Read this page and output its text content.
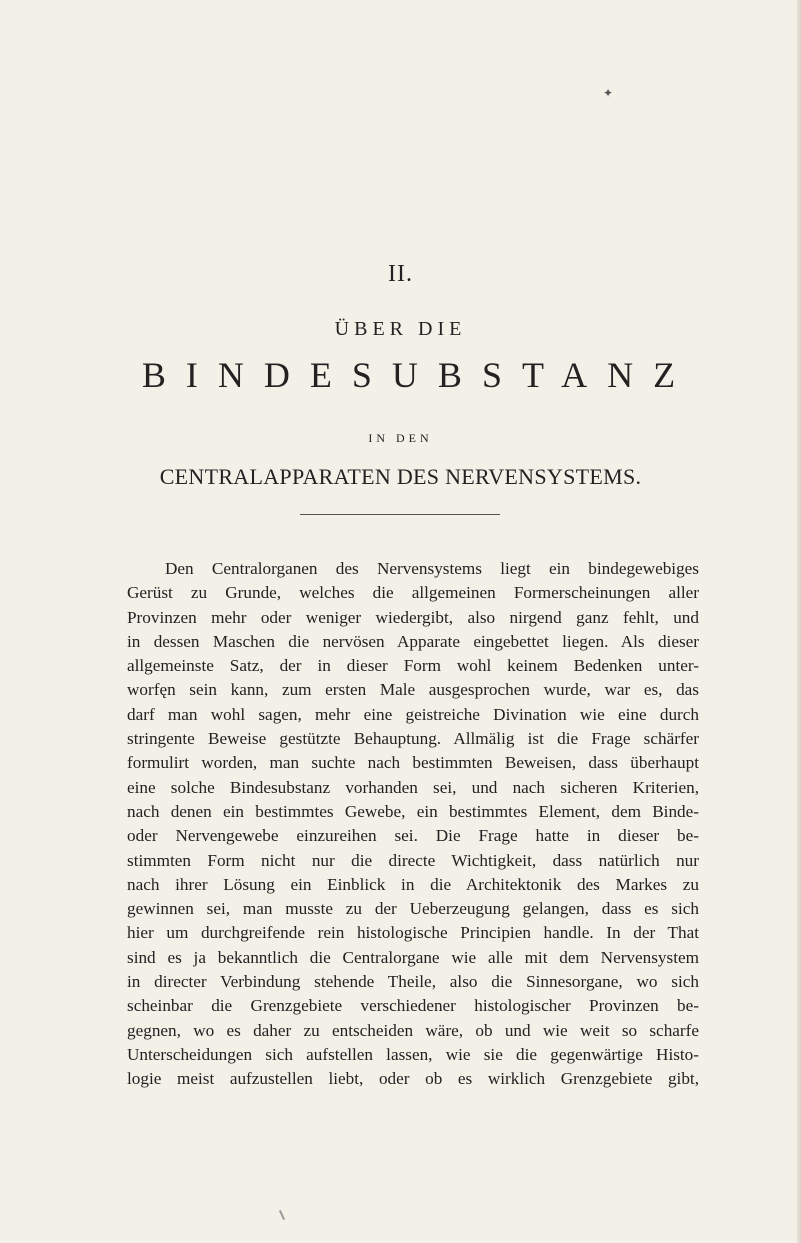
✦
II.
ÜBER DIE
BINDESUBSTANZ
IN DEN
CENTRALAPPARATEN DES NERVENSYSTEMS.
Den Centralorganen des Nervensystems liegt ein bindegewebiges
Gerüst zu Grunde, welches die allgemeinen Formerscheinungen aller
Provinzen mehr oder weniger wiedergibt, also nirgend ganz fehlt, und
in dessen Maschen die nervösen Apparate eingebettet liegen. Als dieser
allgemeinste Satz, der in dieser Form wohl keinem Bedenken unter-
worfęn sein kann, zum ersten Male ausgesprochen wurde, war es, das
darf man wohl sagen, mehr eine geistreiche Divination wie eine durch
stringente Beweise gestützte Behauptung. Allmälig ist die Frage schärfer
formulirt worden, man suchte nach bestimmten Beweisen, dass überhaupt
eine solche Bindesubstanz vorhanden sei, und nach sicheren Kriterien,
nach denen ein bestimmtes Gewebe, ein bestimmtes Element, dem Binde-
oder Nervengewebe einzureihen sei. Die Frage hatte in dieser be-
stimmten Form nicht nur die directe Wichtigkeit, dass natürlich nur
nach ihrer Lösung ein Einblick in die Architektonik des Markes zu
gewinnen sei, man musste zu der Ueberzeugung gelangen, dass es sich
hier um durchgreifende rein histologische Principien handle. In der That
sind es ja bekanntlich die Centralorgane wie alle mit dem Nervensystem
in directer Verbindung stehende Theile, also die Sinnesorgane, wo sich
scheinbar die Grenzgebiete verschiedener histologischer Provinzen be-
gegnen, wo es daher zu entscheiden wäre, ob und wie weit so scharfe
Unterscheidungen sich aufstellen lassen, wie sie die gegenwärtige Histo-
logie meist aufzustellen liebt, oder ob es wirklich Grenzgebiete gibt,
